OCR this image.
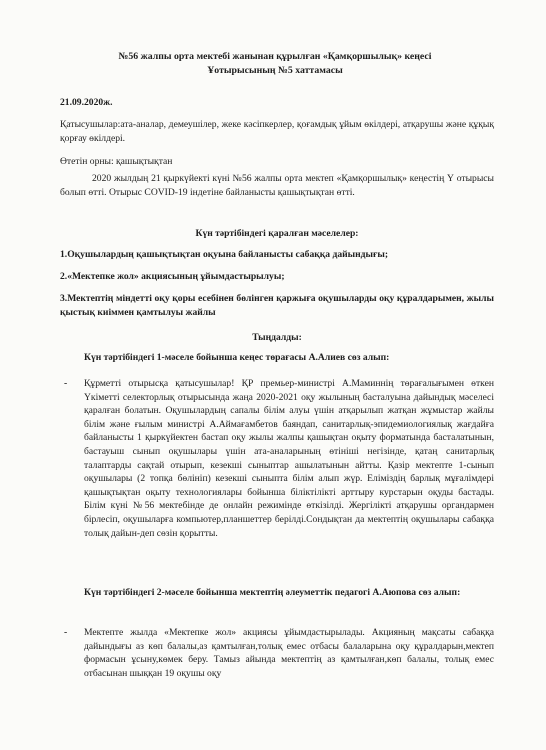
№56 жалпы орта мектебі жанынан құрылған «Қамқоршылық» кеңесі

Ұотырысының №5 хаттамасы

21.09.2020ж.

Қатысушылар:ата-аналар, демеушілер, жеке кәсіпкерлер, қоғамдық ұйым өкілдері, атқарушы және құқық қорғау өкілдері.

Өтетін орны: қашықтықтан

2020 жылдың 21 қыркүйекті күні №56 жалпы орта мектеп «Қамқоршылық» кеңестің Ү отырысы болып өтті. Отырыс COVID-19 індетіне байланысты қашықтықтан өтті.

Күн тәртібіндегі қаралған мәселелер:

1.Оқушылардың қашықтықтан оқуына байланысты сабаққа дайындығы;

2.«Мектепке жол» акциясының ұйымдастырылуы;

3.Мектептің міндетті оқу қоры есебінен бөлінген қаржыға оқушыларды оқу құралдарымен, жылы қыстық киіммен қамтылуы жайлы

Тыңдалды:

Күн тәртібіндегі 1-мәселе бойынша кеңес төрағасы А.Алиев сөз алып:

- Құрметті отырысқа қатысушылар! ҚР премьер-министрі А.Маминнің төрағалығымен өткен Үкіметті селекторлық отырысында жаңа 2020-2021 оқу жылының басталуына дайындық мәселесі қаралған болатын. Оқушылардың сапалы білім алуы үшін атқарылып жатқан жұмыстар жайлы білім және ғылым министрі А.Аймағамбетов баяндап, санитарлық-эпидемиологиялық жағдайға байланысты 1 қыркүйектен бастап оқу жылы жалпы қашықтан оқыту форматында басталатынын, бастауыш сынып оқушылары үшін ата-аналарының өтініші негізінде, қатаң санитарлық талаптарды сақтай отырып, кезекші сыныптар ашылатынын айтты. Қазір мектепте 1-сынып оқушылары (2 топқа бөлініп) кезекші сыныпта білім алып жүр. Еліміздің барлық мұғалімдері қашықтықтан оқыту технологиялары бойынша біліктілікті арттыру курстарын оқуды бастады. Білім күні №56 мектебінде де онлайн режимінде өткізілді. Жергілікті атқарушы органдармен бірлесіп, оқушыларға компьютер,планшеттер берілді.Сондықтан да мектептің оқушылары сабаққа толық дайын-деп сөзін қорытты.

Күн тәртібіндегі 2-мәселе бойынша мектептің әлеуметтік педагогі А.Аюпова сөз алып:

- Мектепте жылда «Мектепке жол» акциясы ұйымдастырылады. Акцияның мақсаты сабаққа дайындығы аз көп балалы,аз қамтылған,толық емес отбасы балаларына оқу құралдарын,мектеп формасын ұсыну,көмек беру. Тамыз айында мектептің аз қамтылған,көп балалы, толық емес отбасынан шыққан 19 оқушы оқу
